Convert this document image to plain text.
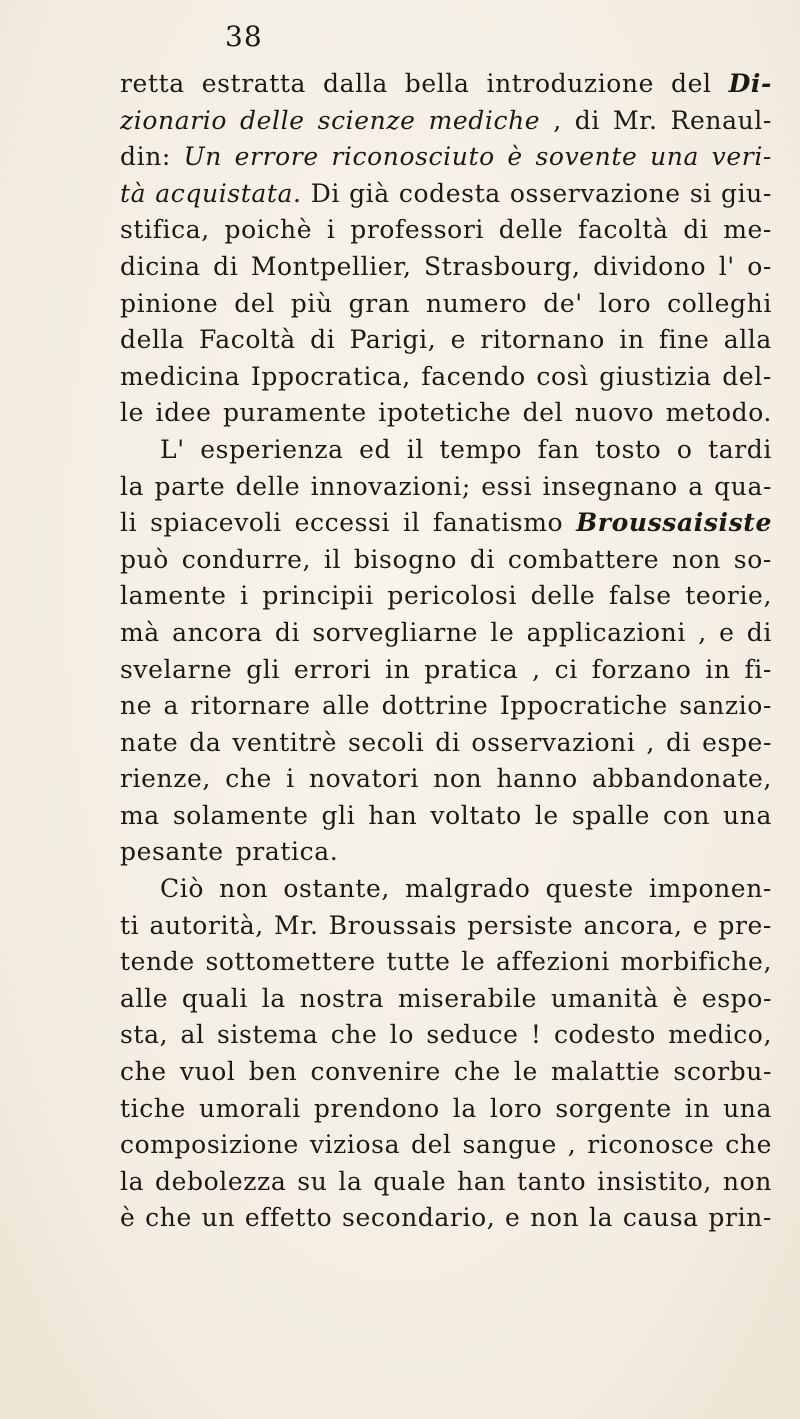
38
retta estratta dalla bella introduzione del Di-
zionario delle scienze mediche , di Mr. Renaul-
din: Un errore riconosciuto è sovente una veri-
tà acquistata. Di già codesta osservazione si giu-
stifica, poichè i professori delle facoltà di me-
dicina di Montpellier, Strasbourg, dividono l' o-
pinione del più gran numero de' loro colleghi
della Facoltà di Parigi, e ritornano in fine alla
medicina Ippocratica, facendo così giustizia del-
le idee puramente ipotetiche del nuovo metodo.
L' esperienza ed il tempo fan tosto o tardi
la parte delle innovazioni; essi insegnano a qua-
li spiacevoli eccessi il fanatismo Broussaisiste
può condurre, il bisogno di combattere non so-
lamente i principii pericolosi delle false teorie,
mà ancora di sorvegliarne le applicazioni , e di
svelarne gli errori in pratica , ci forzano in fi-
ne a ritornare alle dottrine Ippocratiche sanzio-
nate da ventitrè secoli di osservazioni , di espe-
rienze, che i novatori non hanno abbandonate,
ma solamente gli han voltato le spalle con una
pesante pratica.
Ciò non ostante, malgrado queste imponen-
ti autorità, Mr. Broussais persiste ancora, e pre-
tende sottomettere tutte le affezioni morbifiche,
alle quali la nostra miserabile umanità è espo-
sta, al sistema che lo seduce ! codesto medico,
che vuol ben convenire che le malattie scorbu-
tiche umorali prendono la loro sorgente in una
composizione viziosa del sangue , riconosce che
la debolezza su la quale han tanto insistito, non
è che un effetto secondario, e non la causa prin-
